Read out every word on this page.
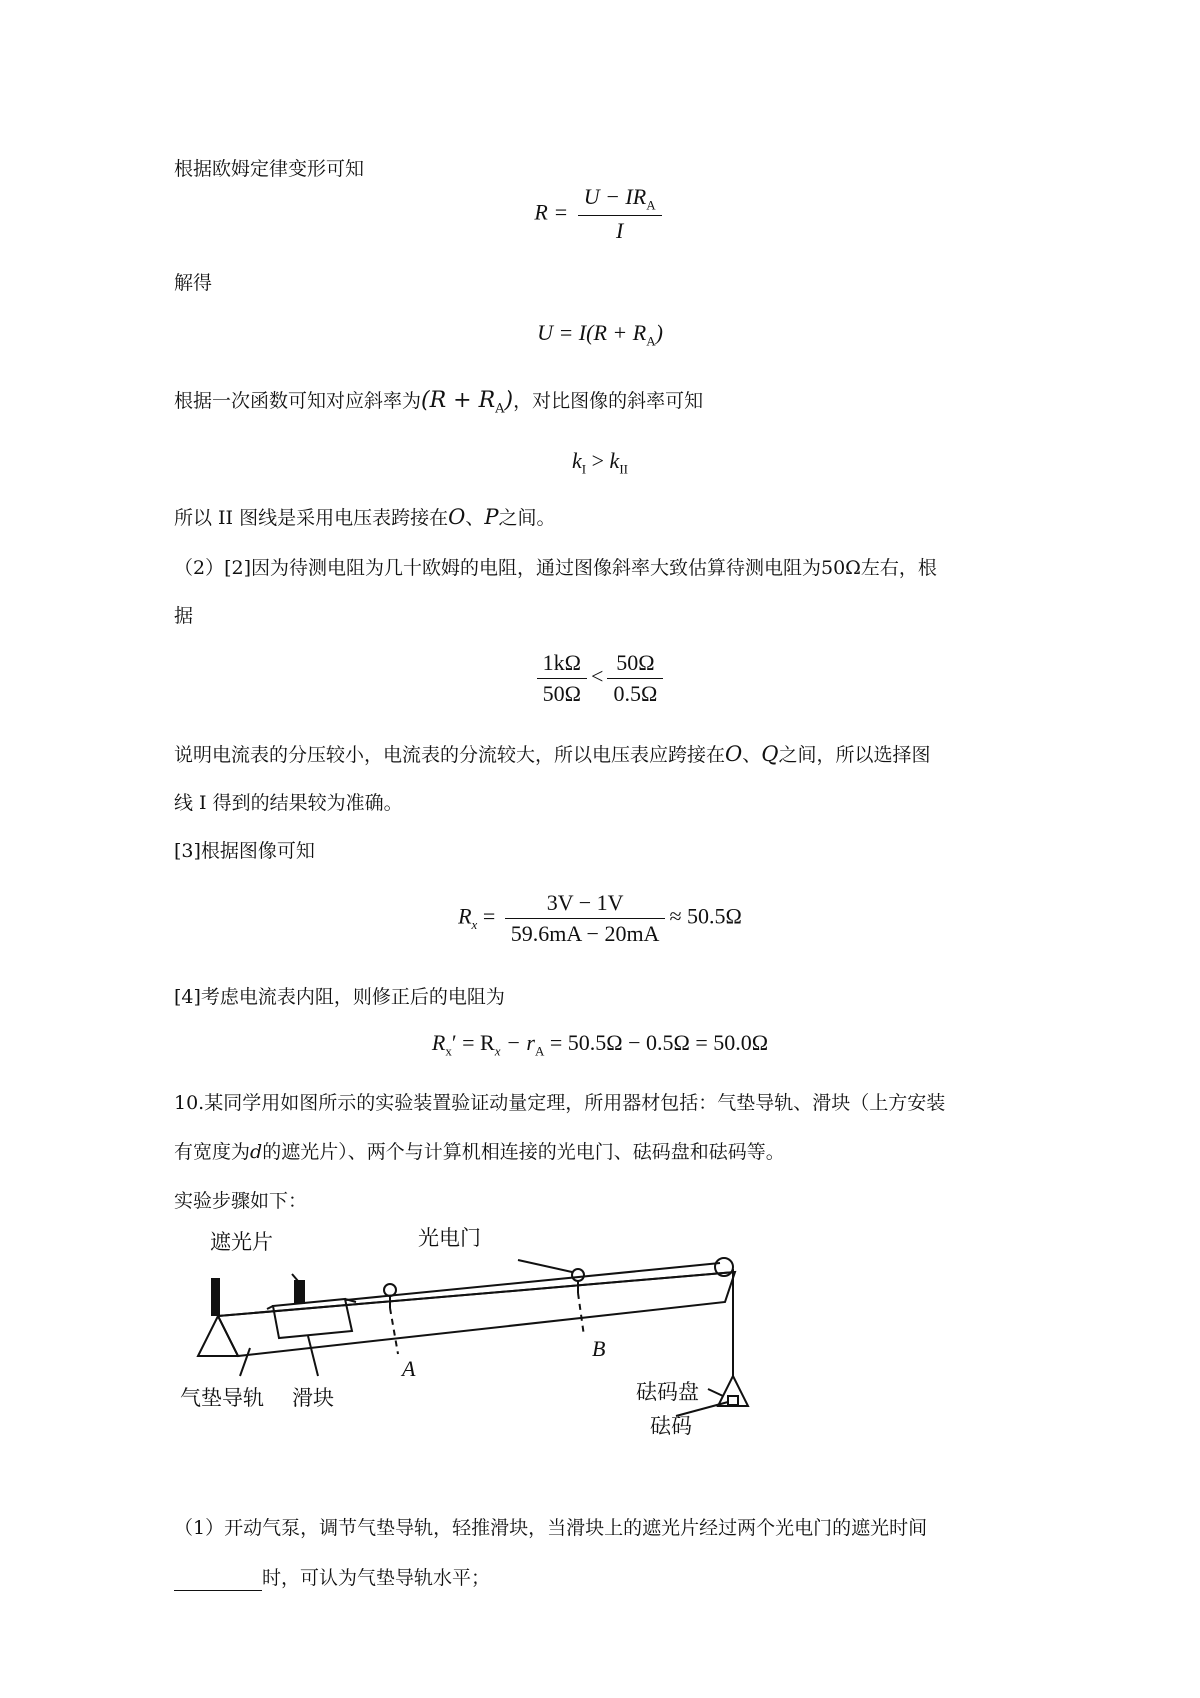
根据欧姆定律变形可知
$R = \frac{U - IR_A}{I}$
解得
$U = I(R + R_A)$
根据一次函数可知对应斜率为$(R + R_A)$，对比图像的斜率可知
$k_I > k_{II}$
所以 II 图线是采用电压表跨接在O、P之间。
（2）[2]因为待测电阻为几十欧姆的电阻，通过图像斜率大致估算待测电阻为50Ω左右，根
据
$\frac{1k\Omega}{50\Omega} < \frac{50\Omega}{0.5\Omega}$
说明电流表的分压较小，电流表的分流较大，所以电压表应跨接在O、Q之间，所以选择图
线 I 得到的结果较为准确。
[3]根据图像可知
$R_x = \frac{3V - 1V}{59.6mA - 20mA} \approx 50.5\Omega$
[4]考虑电流表内阻，则修正后的电阻为
$R_x' = R_x - r_A = 50.5\Omega - 0.5\Omega = 50.0\Omega$
10.某同学用如图所示的实验装置验证动量定理，所用器材包括：气垫导轨、滑块（上方安装
有宽度为d的遮光片）、两个与计算机相连接的光电门、砝码盘和砝码等。
实验步骤如下：
遮光片	光电门
气垫导轨 滑块
A
B
砝码盘
砝码
（1）开动气泵，调节气垫导轨，轻推滑块，当滑块上的遮光片经过两个光电门的遮光时间
时，可认为气垫导轨水平；
